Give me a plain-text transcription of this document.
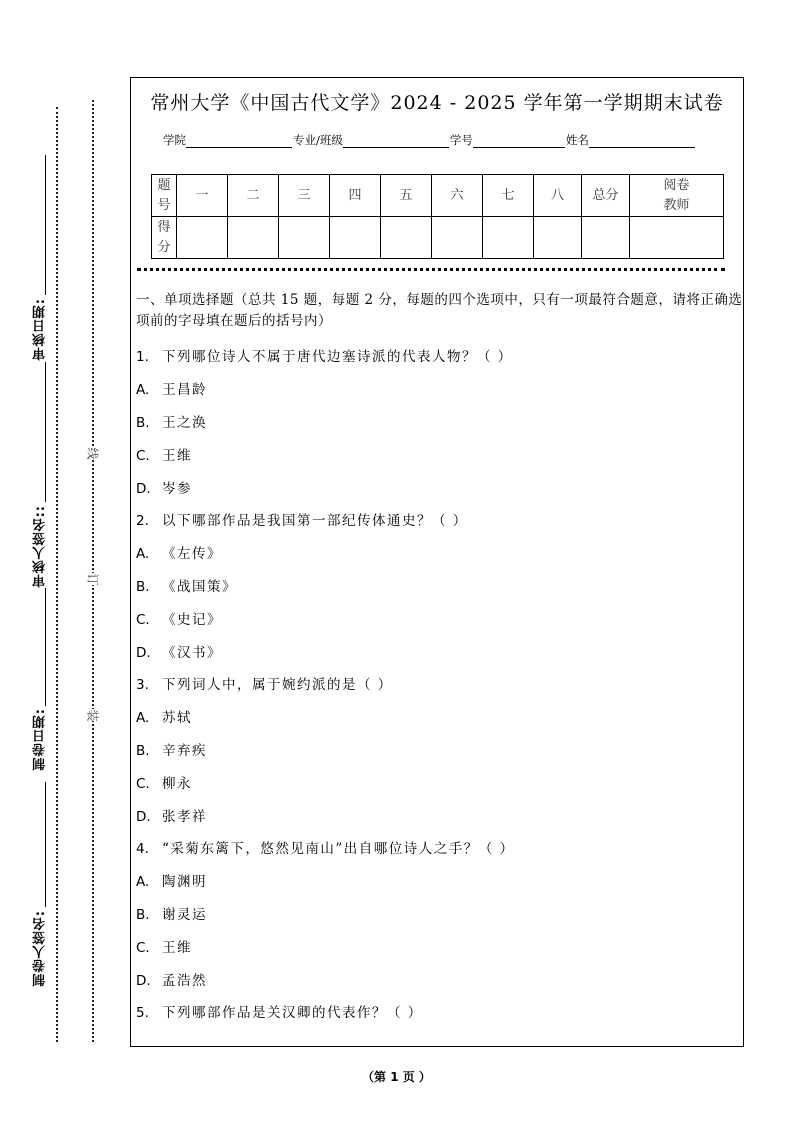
审核日期:
审核人签名::
制卷日期:
制卷人签名:
线
订
装
常州大学《中国古代文学》2024 - 2025 学年第一学期期末试卷
学院	专业/班级	学号	姓名
题号	一	二	三	四	五	六	七	八	总分	阅卷教师

得分										

一、单项选择题（总共 15 题，每题 2 分，每题的四个选项中，只有一项最符合题意，请将正确选项前的字母填在题后的括号内）
1. 下列哪位诗人不属于唐代边塞诗派的代表人物？（ ）
A. 王昌龄
B. 王之涣
C. 王维
D. 岑参
2. 以下哪部作品是我国第一部纪传体通史？（ ）
A. 《左传》
B. 《战国策》
C. 《史记》
D. 《汉书》
3. 下列词人中，属于婉约派的是（ ）
A. 苏轼
B. 辛弃疾
C. 柳永
D. 张孝祥
4. “采菊东篱下，悠然见南山”出自哪位诗人之手？（ ）
A. 陶渊明
B. 谢灵运
C. 王维
D. 孟浩然
5. 下列哪部作品是关汉卿的代表作？（ ）
（第 1 页 ）
